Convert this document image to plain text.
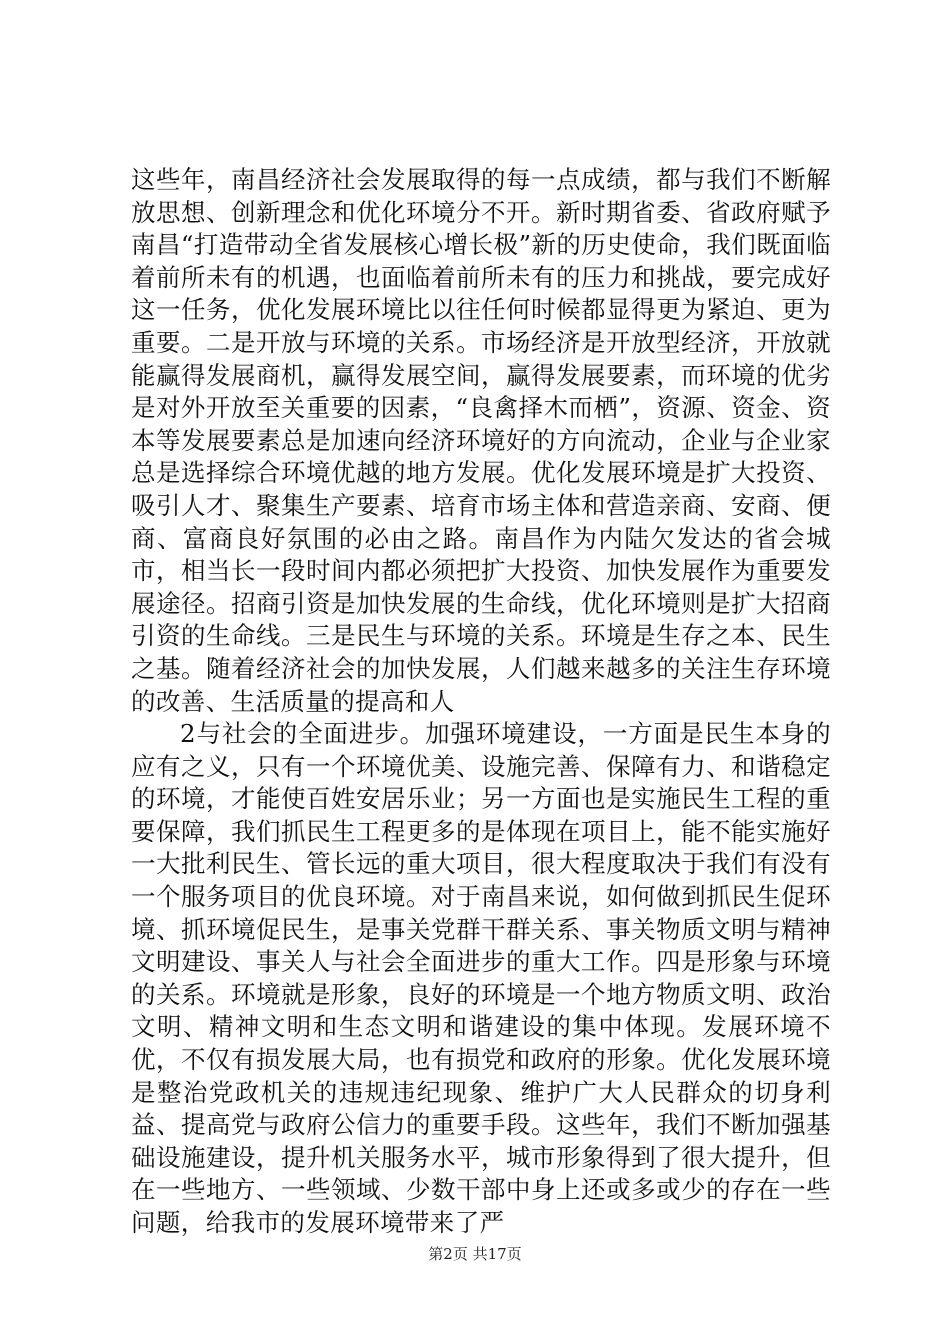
这些年，南昌经济社会发展取得的每一点成绩，都与我们不断解放思想、创新理念和优化环境分不开。新时期省委、省政府赋予南昌“打造带动全省发展核心增长极”新的历史使命，我们既面临着前所未有的机遇，也面临着前所未有的压力和挑战，要完成好这一任务，优化发展环境比以往任何时候都显得更为紧迫、更为重要。二是开放与环境的关系。市场经济是开放型经济，开放就能赢得发展商机，赢得发展空间，赢得发展要素，而环境的优劣是对外开放至关重要的因素，“良禽择木而栖”，资源、资金、资本等发展要素总是加速向经济环境好的方向流动，企业与企业家总是选择综合环境优越的地方发展。优化发展环境是扩大投资、吸引人才、聚集生产要素、培育市场主体和营造亲商、安商、便商、富商良好氛围的必由之路。南昌作为内陆欠发达的省会城市，相当长一段时间内都必须把扩大投资、加快发展作为重要发展途径。招商引资是加快发展的生命线，优化环境则是扩大招商引资的生命线。三是民生与环境的关系。环境是生存之本、民生之基。随着经济社会的加快发展，人们越来越多的关注生存环境的改善、生活质量的提高和人

2与社会的全面进步。加强环境建设，一方面是民生本身的应有之义，只有一个环境优美、设施完善、保障有力、和谐稳定的环境，才能使百姓安居乐业；另一方面也是实施民生工程的重要保障，我们抓民生工程更多的是体现在项目上，能不能实施好一大批利民生、管长远的重大项目，很大程度取决于我们有没有一个服务项目的优良环境。对于南昌来说，如何做到抓民生促环境、抓环境促民生，是事关党群干群关系、事关物质文明与精神文明建设、事关人与社会全面进步的重大工作。四是形象与环境的关系。环境就是形象，良好的环境是一个地方物质文明、政治文明、精神文明和生态文明和谐建设的集中体现。发展环境不优，不仅有损发展大局，也有损党和政府的形象。优化发展环境是整治党政机关的违规违纪现象、维护广大人民群众的切身利益、提高党与政府公信力的重要手段。这些年，我们不断加强基础设施建设，提升机关服务水平，城市形象得到了很大提升，但在一些地方、一些领域、少数干部中身上还或多或少的存在一些问题，给我市的发展环境带来了严

第2页 共17页
